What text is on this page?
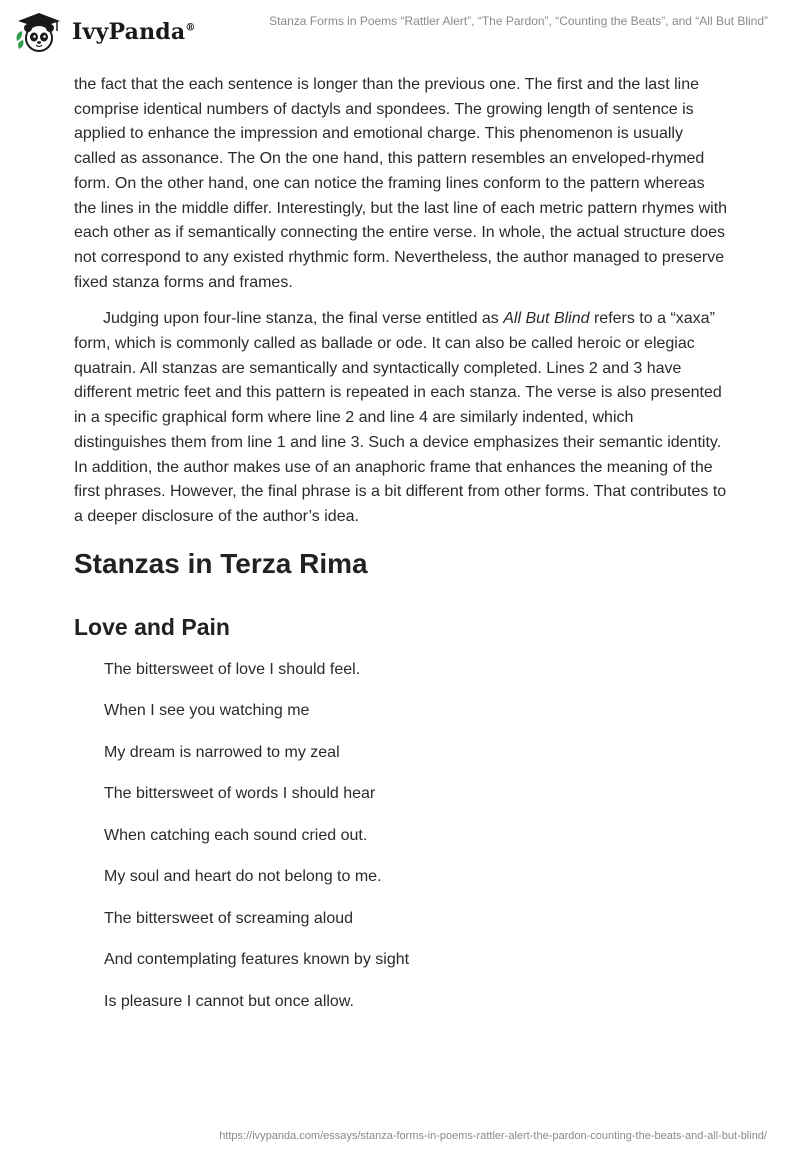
IvyPanda®
Stanza Forms in Poems “Rattler Alert”, “The Pardon”, “Counting the Beats”, and “All But Blind”

the fact that the each sentence is longer than the previous one. The first and the last line comprise identical numbers of dactyls and spondees. The growing length of sentence is applied to enhance the impression and emotional charge. This phenomenon is usually called as assonance. The On the one hand, this pattern resembles an enveloped-rhymed form. On the other hand, one can notice the framing lines conform to the pattern whereas the lines in the middle differ. Interestingly, but the last line of each metric pattern rhymes with each other as if semantically connecting the entire verse. In whole, the actual structure does not correspond to any existed rhythmic form. Nevertheless, the author managed to preserve fixed stanza forms and frames.

Judging upon four-line stanza, the final verse entitled as All But Blind refers to a “xaxa” form, which is commonly called as ballade or ode. It can also be called heroic or elegiac quatrain. All stanzas are semantically and syntactically completed. Lines 2 and 3 have different metric feet and this pattern is repeated in each stanza. The verse is also presented in a specific graphical form where line 2 and line 4 are similarly indented, which distinguishes them from line 1 and line 3. Such a device emphasizes their semantic identity. In addition, the author makes use of an anaphoric frame that enhances the meaning of the first phrases. However, the final phrase is a bit different from other forms. That contributes to a deeper disclosure of the author’s idea.

Stanzas in Terza Rima
Love and Pain

The bittersweet of love I should feel.

When I see you watching me

My dream is narrowed to my zeal

The bittersweet of words I should hear

When catching each sound cried out.

My soul and heart do not belong to me.

The bittersweet of screaming aloud

And contemplating features known by sight

Is pleasure I cannot but once allow.

https://ivypanda.com/essays/stanza-forms-in-poems-rattler-alert-the-pardon-counting-the-beats-and-all-but-blind/
